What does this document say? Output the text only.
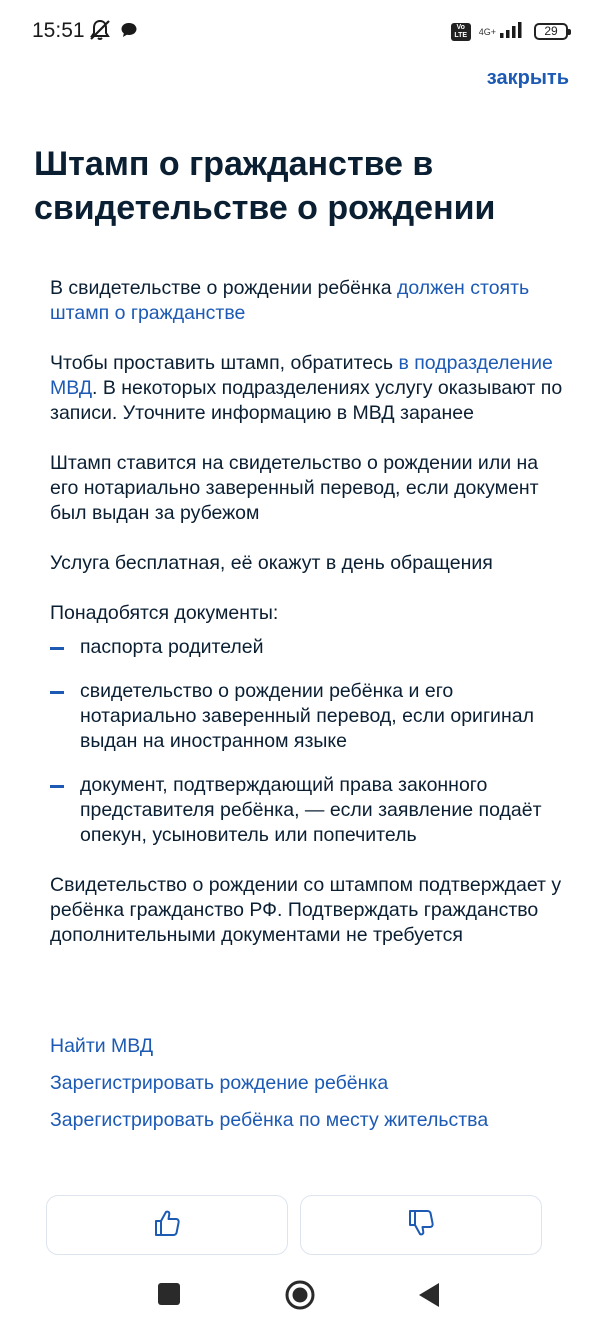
15:51	Vo
LTE	4G+	29
закрыть
Штамп о гражданстве в свидетельстве о рождении

В свидетельстве о рождении ребёнка должен стоять штамп о гражданстве

Чтобы проставить штамп, обратитесь в подразделение МВД. В некоторых подразделениях услугу оказывают по записи. Уточните информацию в МВД заранее

Штамп ставится на свидетельство о рождении или на его нотариально заверенный перевод, если документ был выдан за рубежом

Услуга бесплатная, её окажут в день обращения

Понадобятся документы:
паспорта родителей
свидетельство о рождении ребёнка и его нотариально заверенный перевод, если оригинал выдан на иностранном языке
документ, подтверждающий права законного представителя ребёнка, — если заявление подаёт опекун, усыновитель или попечитель

Свидетельство о рождении со штампом подтверждает у ребёнка гражданство РФ. Подтверждать гражданство дополнительными документами не требуется

Найти МВД
Зарегистрировать рождение ребёнка
Зарегистрировать ребёнка по месту жительства
